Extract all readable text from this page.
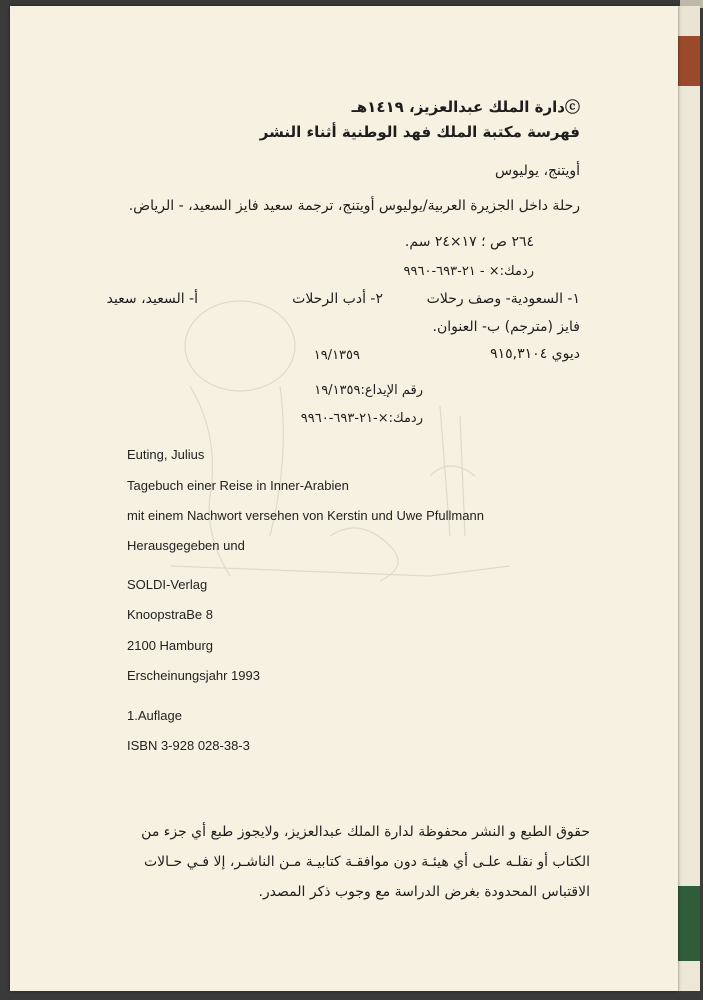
ⓒدارة الملك عبدالعزيز، ١٤١٩هـ
فهرسة مكتبة الملك فهد الوطنية أثناء النشر
أويتنج، يوليوس
رحلة داخل الجزيرة العربية/يوليوس أويتنج، ترجمة سعيد فايز السعيد، - الرياض.
٢٦٤ ص ؛ ١٧×٢٤ سم.
ردمك:× - ٢١-٦٩٣-٩٩٦٠
١- السعودية- وصف رحلات
٢- أدب الرحلات
أ- السعيد، سعيد
فايز (مترجم) ب- العنوان.
ديوي ٩١٥,٣١٠٤
١٩/١٣٥٩
رقم الإيداع:١٩/١٣٥٩
ردمك:×-٢١-٦٩٣-٩٩٦٠
Euting, Julius
Tagebuch einer Reise in Inner-Arabien
mit einem Nachwort versehen von Kerstin und Uwe Pfullmann
Herausgegeben und
SOLDI-Verlag
KnoopstraBe 8
2100 Hamburg
Erscheinungsjahr 1993
1.Auflage
ISBN 3-928 028-38-3
حقوق الطبع و النشر محفوظة لدارة الملك عبدالعزيز، ولايجوز طبع أي جزء من
الكتاب أو نقلـه علـى أي هيئـة دون موافقـة كتابيـة مـن الناشـر، إلا فـي حـالات
الاقتباس المحدودة بغرض الدراسة مع وجوب ذكر المصدر.
